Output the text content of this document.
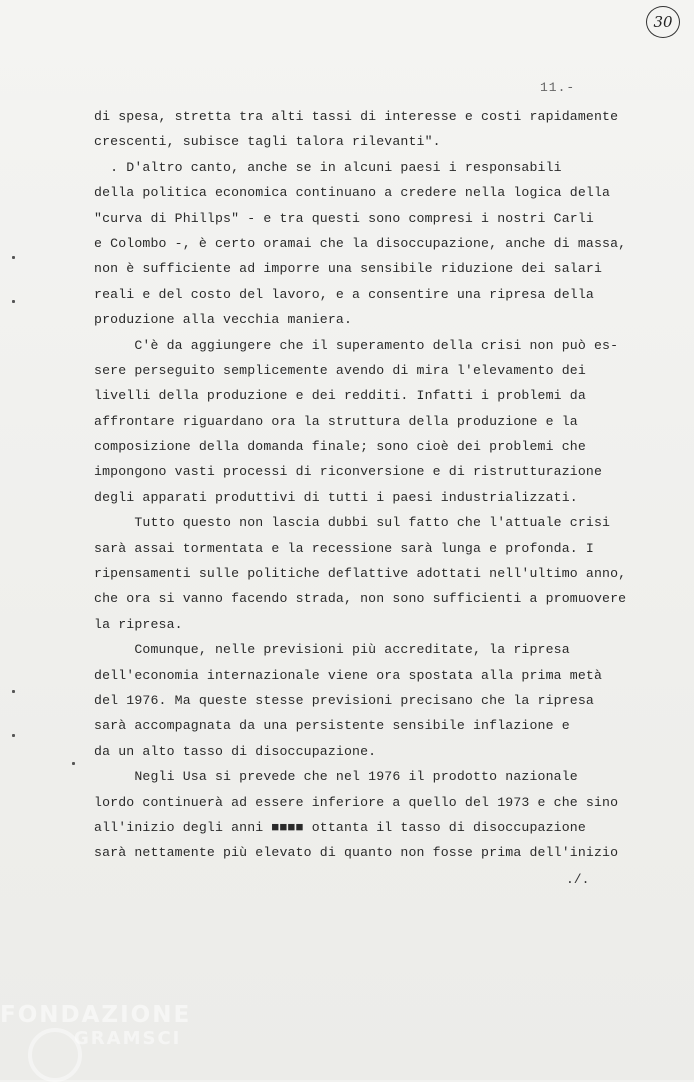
30
11.-
di spesa, stretta tra alti tassi di interesse e costi rapidamente
crescenti, subisce tagli talora rilevanti".
. D'altro canto, anche se in alcuni paesi i responsabili
della politica economica continuano a credere nella logica della
"curva di Phillps" - e tra questi sono compresi i nostri Carli
e Colombo -, è certo oramai che la disoccupazione, anche di massa,
non è sufficiente ad imporre una sensibile riduzione dei salari
reali e del costo del lavoro, e a consentire una ripresa della
produzione alla vecchia maniera.
C'è da aggiungere che il superamento della crisi non può es-
sere perseguito semplicemente avendo di mira l'elevamento dei
livelli della produzione e dei redditi. Infatti i problemi da
affrontare riguardano ora la struttura della produzione e la
composizione della domanda finale; sono cioè dei problemi che
impongono vasti processi di riconversione e di ristrutturazione
degli apparati produttivi di tutti i paesi industrializzati.
Tutto questo non lascia dubbi sul fatto che l'attuale crisi
sarà assai tormentata e la recessione sarà lunga e profonda. I
ripensamenti sulle politiche deflattive adottati nell'ultimo anno,
che ora si vanno facendo strada, non sono sufficienti a promuovere
la ripresa.
Comunque, nelle previsioni più accreditate, la ripresa
dell'economia internazionale viene ora spostata alla prima metà
del 1976. Ma queste stesse previsioni precisano che la ripresa
sarà accompagnata da una persistente sensibile inflazione e
da un alto tasso di disoccupazione.
Negli Usa si prevede che nel 1976 il prodotto nazionale
lordo continuerà ad essere inferiore a quello del 1973 e che sino
all'inizio degli anni ■■■■ ottanta il tasso di disoccupazione
sarà nettamente più elevato di quanto non fosse prima dell'inizio
./.
FONDAZIONE
GRAMSCI
